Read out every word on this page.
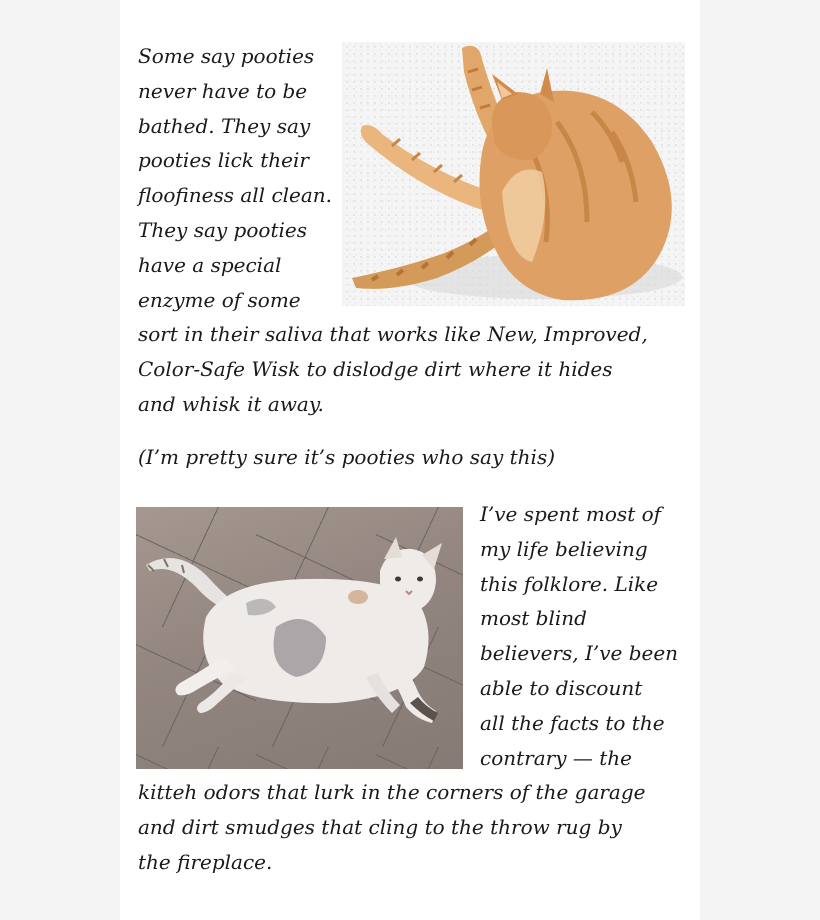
Some say pooties
never have to be
bathed. They say
pooties lick their
floofiness all clean.
They say pooties
have a special
enzyme of some
sort in their saliva that works like New, Improved,
Color-Safe Wisk to dislodge dirt where it hides
and whisk it away.

(I’m pretty sure it’s pooties who say this)

I’ve spent most of
my life believing
this folklore. Like
most blind
believers, I’ve been
able to discount
all the facts to the
contrary — the
kitteh odors that lurk in the corners of the garage
and dirt smudges that cling to the throw rug by
the fireplace.
